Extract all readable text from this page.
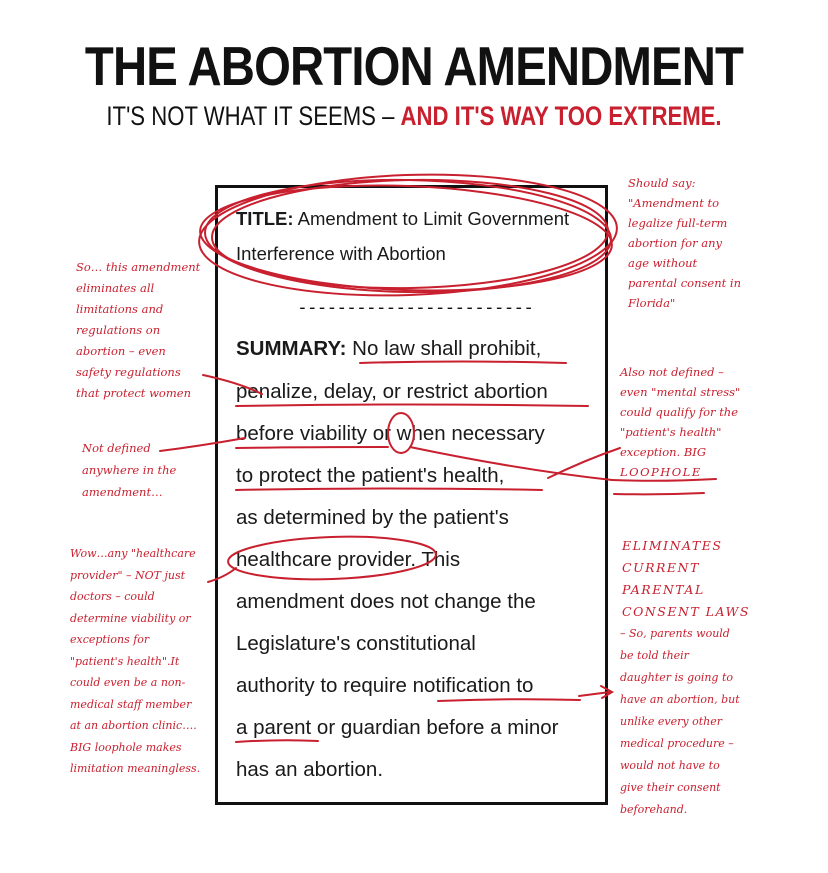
THE ABORTION AMENDMENT
IT'S NOT WHAT IT SEEMS – AND IT'S WAY TOO EXTREME.
TITLE: Amendment to Limit Government
Interference with Abortion
------------------------
SUMMARY: No law shall prohibit,
penalize, delay, or restrict abortion
before viability or when necessary
to protect the patient's health,
as determined by the patient's
healthcare provider. This
amendment does not change the
Legislature's constitutional
authority to require notification to
a parent or guardian before a minor
has an abortion.
Should say:
"Amendment to
legalize full-term
abortion for any
age without
parental consent in
Florida"
So… this amendment
eliminates all
limitations and
regulations on
abortion – even
safety regulations
that protect women
Not defined
anywhere in the
amendment…
Also not defined –
even "mental stress"
could qualify for the
"patient's health"
exception. BIG
LOOPHOLE
Wow…any "healthcare
provider" – NOT just
doctors – could
determine viability or
exceptions for
"patient's health".It
could even be a non-
medical staff member
at an abortion clinic….
BIG loophole makes
limitation meaningless.
ELIMINATES
CURRENT
PARENTAL
CONSENT LAWS
– So, parents would
be told their
daughter is going to
have an abortion, but
unlike every other
medical procedure –
would not have to
give their consent
beforehand.
